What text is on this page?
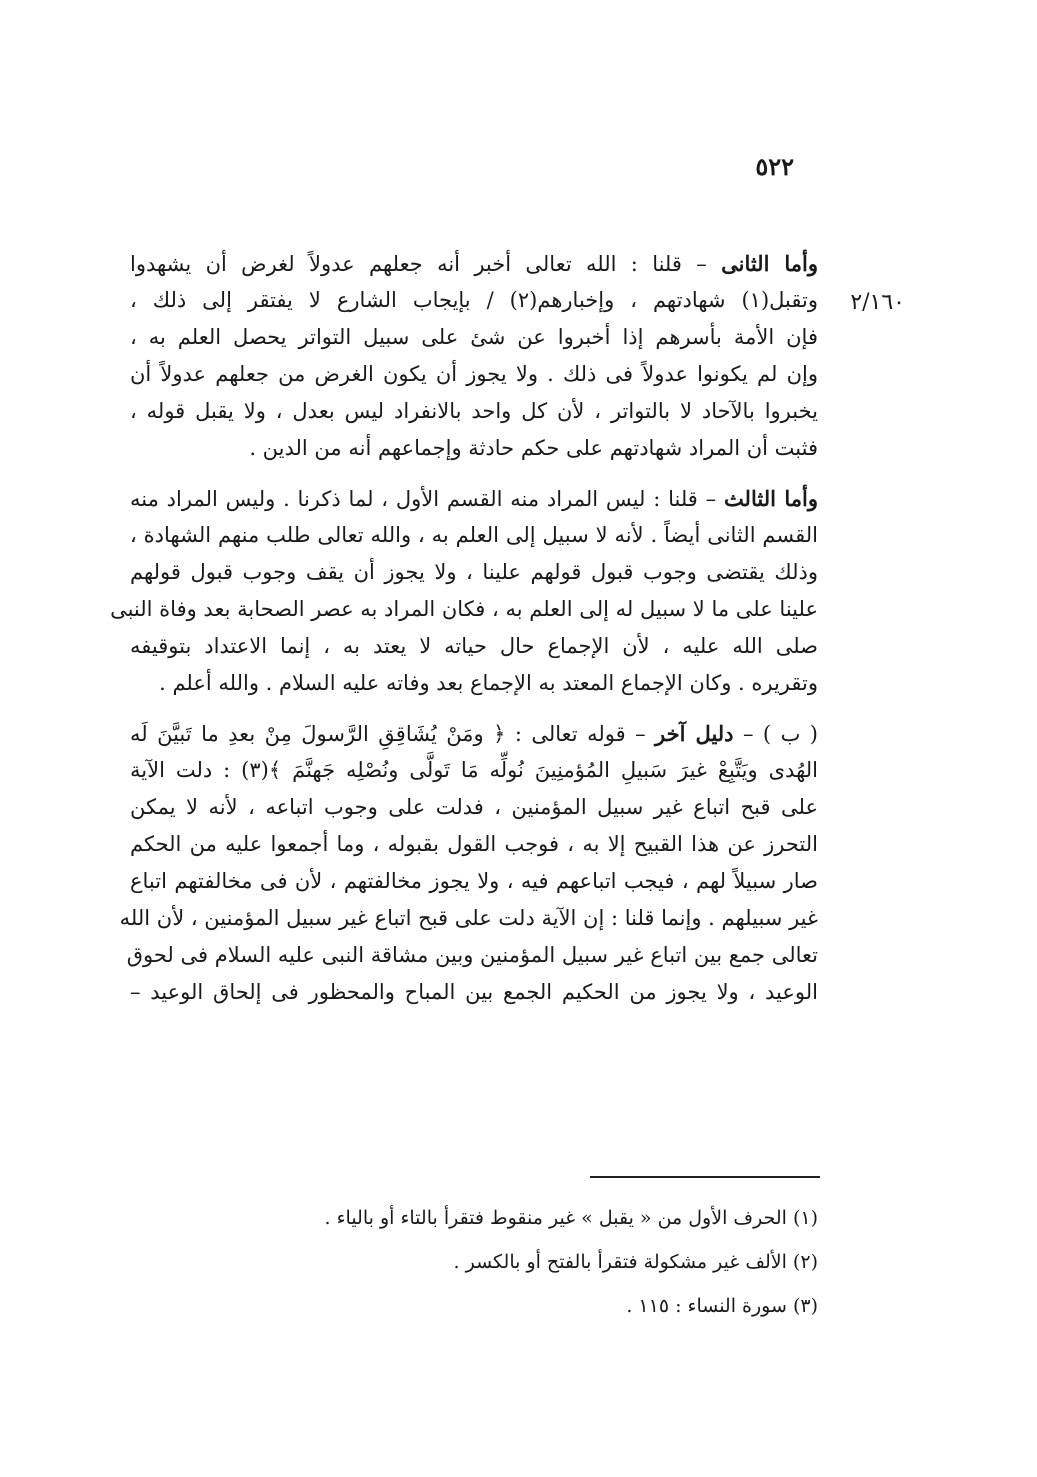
٥٢٢
٢/١٦٠

وأما الثانى – قلنا : الله تعالى أخبر أنه جعلهم عدولاً لغرض أن يشهدوا
وتقبل(١) شهادتهم ، وإخبارهم(٢) / بإيجاب الشارع لا يفتقر إلى ذلك ،
فإن الأمة بأسرهم إذا أخبروا عن شئ على سبيل التواتر يحصل العلم به ،
وإن لم يكونوا عدولاً فى ذلك . ولا يجوز أن يكون الغرض من جعلهم عدولاً أن
يخبروا بالآحاد لا بالتواتر ، لأن كل واحد بالانفراد ليس بعدل ، ولا يقبل قوله ،
فثبت أن المراد شهادتهم على حكم حادثة وإجماعهم أنه من الدين .

وأما الثالث – قلنا : ليس المراد منه القسم الأول ، لما ذكرنا . وليس المراد منه
القسم الثانى أيضاً . لأنه لا سبيل إلى العلم به ، والله تعالى طلب منهم الشهادة ،
وذلك يقتضى وجوب قبول قولهم علينا ، ولا يجوز أن يقف وجوب قبول قولهم
علينا على ما لا سبيل له إلى العلم به ، فكان المراد به عصر الصحابة بعد وفاة النبى
صلى الله عليه ، لأن الإجماع حال حياته لا يعتد به ، إنما الاعتداد بتوقيفه
وتقريره . وكان الإجماع المعتد به الإجماع بعد وفاته عليه السلام . والله أعلم .

( ب ) – دليل آخر – قوله تعالى : ﴿ ومَنْ يُشَاقِقِ الرَّسولَ مِنْ بعدِ ما تَبيَّنَ لَه
الهُدى ويَتَّبِعْ غيرَ سَبيلِ المُؤمنِينَ نُولِّه مَا تَولَّى ونُصْلِه جَهنَّمَ ﴾(٣) : دلت الآية
على قبح اتباع غير سبيل المؤمنين ، فدلت على وجوب اتباعه ، لأنه لا يمكن
التحرز عن هذا القبيح إلا به ، فوجب القول بقبوله ، وما أجمعوا عليه من الحكم
صار سبيلاً لهم ، فيجب اتباعهم فيه ، ولا يجوز مخالفتهم ، لأن فى مخالفتهم اتباع
غير سبيلهم . وإنما قلنا : إن الآية دلت على قبح اتباع غير سبيل المؤمنين ، لأن الله
تعالى جمع بين اتباع غير سبيل المؤمنين وبين مشاقة النبى عليه السلام فى لحوق
الوعيد ، ولا يجوز من الحكيم الجمع بين المباح والمحظور فى إلحاق الوعيد –

(١) الحرف الأول من « يقبل » غير منقوط فتقرأ بالتاء أو بالياء .
(٢) الألف غير مشكولة فتقرأ بالفتح أو بالكسر .
(٣) سورة النساء : ١١٥ .
